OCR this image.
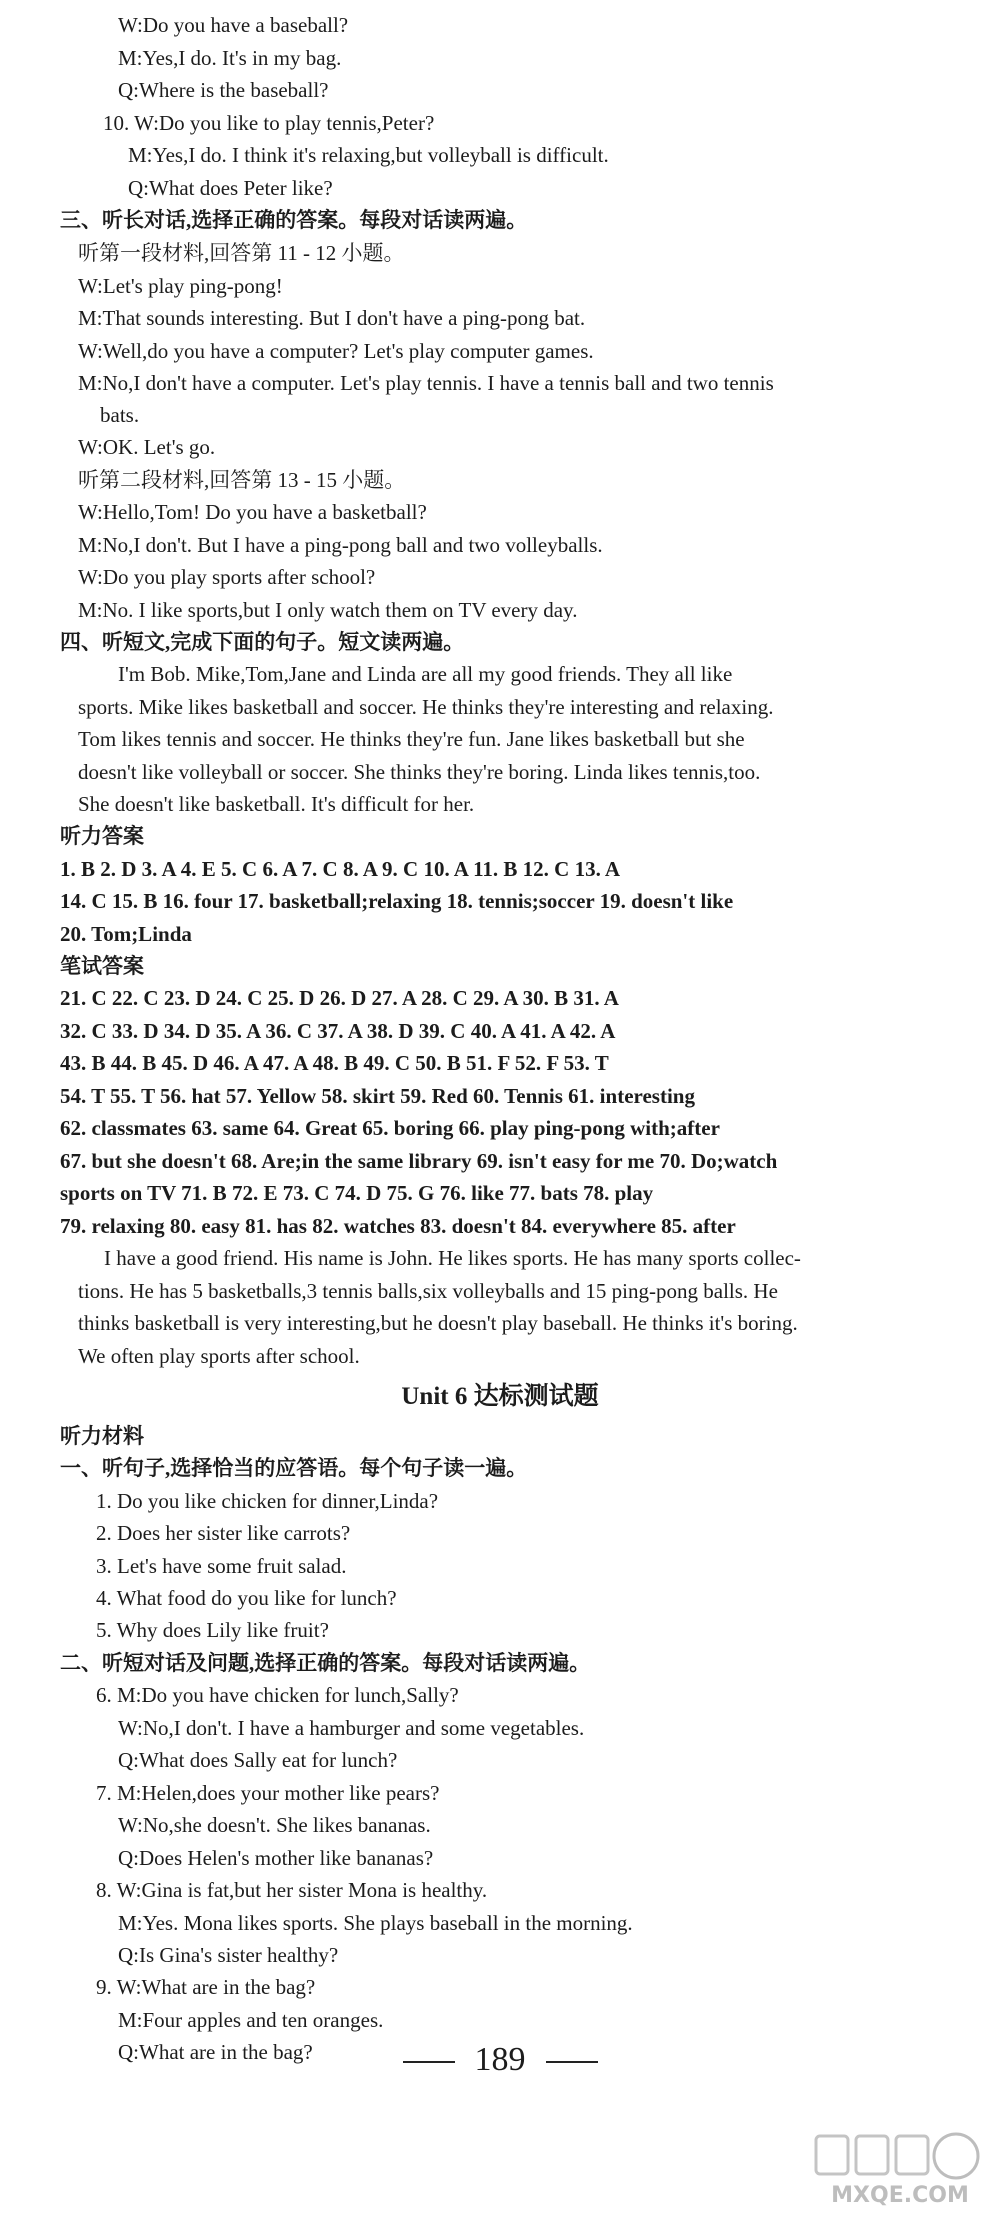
W:Do you have a baseball?
M:Yes,I do. It's in my bag.
Q:Where is the baseball?
10. W:Do you like to play tennis,Peter?
M:Yes,I do. I think it's relaxing,but volleyball is difficult.
Q:What does Peter like?
三、听长对话,选择正确的答案。每段对话读两遍。
听第一段材料,回答第 11 - 12 小题。
W:Let's play ping-pong!
M:That sounds interesting. But I don't have a ping-pong bat.
W:Well,do you have a computer? Let's play computer games.
M:No,I don't have a computer. Let's play tennis. I have a tennis ball and two tennis
bats.
W:OK. Let's go.
听第二段材料,回答第 13 - 15 小题。
W:Hello,Tom! Do you have a basketball?
M:No,I don't. But I have a ping-pong ball and two volleyballs.
W:Do you play sports after school?
M:No. I like sports,but I only watch them on TV every day.
四、听短文,完成下面的句子。短文读两遍。
I'm Bob. Mike,Tom,Jane and Linda are all my good friends. They all like
sports. Mike likes basketball and soccer. He thinks they're interesting and relaxing.
Tom likes tennis and soccer. He thinks they're fun. Jane likes basketball but she
doesn't like volleyball or soccer. She thinks they're boring. Linda likes tennis,too.
She doesn't like basketball. It's difficult for her.
听力答案
1. B 2. D 3. A 4. E 5. C 6. A 7. C 8. A 9. C 10. A 11. B 12. C 13. A
14. C 15. B 16. four 17. basketball;relaxing 18. tennis;soccer 19. doesn't like
20. Tom;Linda
笔试答案
21. C 22. C 23. D 24. C 25. D 26. D 27. A 28. C 29. A 30. B 31. A
32. C 33. D 34. D 35. A 36. C 37. A 38. D 39. C 40. A 41. A 42. A
43. B 44. B 45. D 46. A 47. A 48. B 49. C 50. B 51. F 52. F 53. T
54. T 55. T 56. hat 57. Yellow 58. skirt 59. Red 60. Tennis 61. interesting
62. classmates 63. same 64. Great 65. boring 66. play ping-pong with;after
67. but she doesn't 68. Are;in the same library 69. isn't easy for me 70. Do;watch
sports on TV 71. B 72. E 73. C 74. D 75. G 76. like 77. bats 78. play
79. relaxing 80. easy 81. has 82. watches 83. doesn't 84. everywhere 85. after
I have a good friend. His name is John. He likes sports. He has many sports collec-
tions. He has 5 basketballs,3 tennis balls,six volleyballs and 15 ping-pong balls. He
thinks basketball is very interesting,but he doesn't play baseball. He thinks it's boring.
We often play sports after school.
听力材料
一、听句子,选择恰当的应答语。每个句子读一遍。
1. Do you like chicken for dinner,Linda?
2. Does her sister like carrots?
3. Let's have some fruit salad.
4. What food do you like for lunch?
5. Why does Lily like fruit?
二、听短对话及问题,选择正确的答案。每段对话读两遍。
6. M:Do you have chicken for lunch,Sally?
W:No,I don't. I have a hamburger and some vegetables.
Q:What does Sally eat for lunch?
7. M:Helen,does your mother like pears?
W:No,she doesn't. She likes bananas.
Q:Does Helen's mother like bananas?
8. W:Gina is fat,but her sister Mona is healthy.
M:Yes. Mona likes sports. She plays baseball in the morning.
Q:Is Gina's sister healthy?
9. W:What are in the bag?
M:Four apples and ten oranges.
Q:What are in the bag?
Unit 6 达标测试题
189
MXQE.COM
